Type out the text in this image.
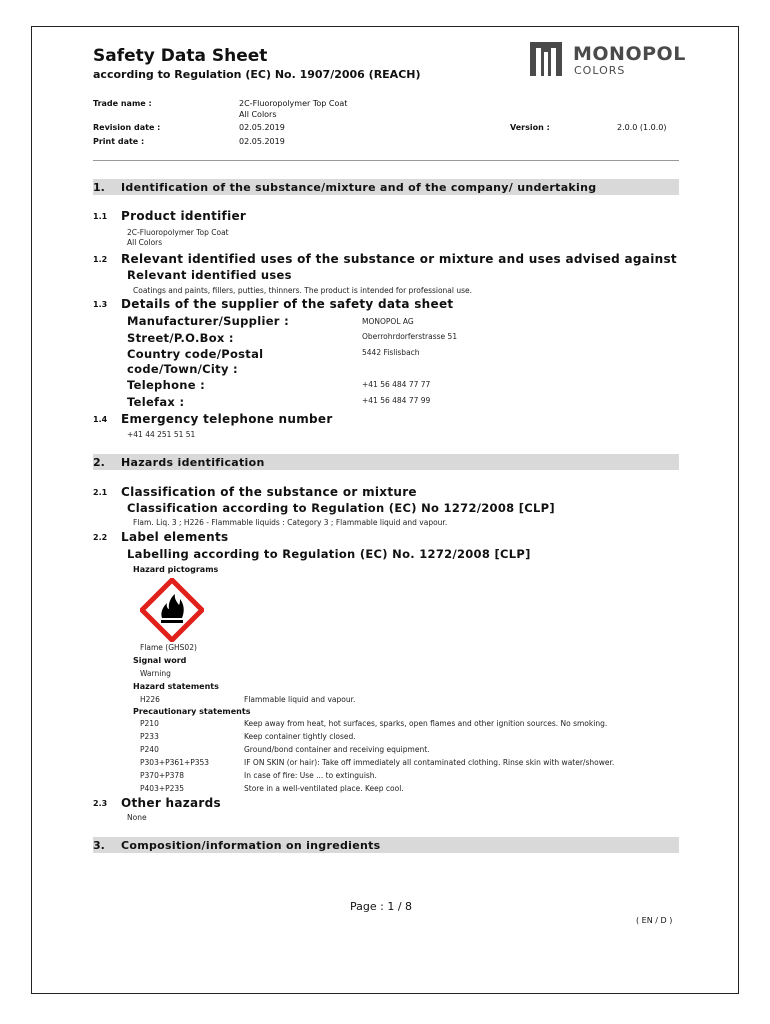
Safety Data Sheet
according to Regulation (EC) No. 1907/2006 (REACH)
MONOPOL
COLORS
Trade name :	2C-Fluoropolymer Top Coat
All Colors
Revision date :	02.05.2019	Version :	2.0.0 (1.0.0)
Print date :	02.05.2019
1. Identification of the substance/mixture and of the company/ undertaking
1.1 Product identifier
2C-Fluoropolymer Top Coat
All Colors
1.2 Relevant identified uses of the substance or mixture and uses advised against
Relevant identified uses
Coatings and paints, fillers, putties, thinners. The product is intended for professional use.
1.3 Details of the supplier of the safety data sheet
Manufacturer/Supplier :	MONOPOL AG
Street/P.O.Box :	Oberrohrdorferstrasse 51
Country code/Postal
code/Town/City :
5442 Fislisbach
Telephone :	+41 56 484 77 77
Telefax :	+41 56 484 77 99
1.4 Emergency telephone number
+41 44 251 51 51
2. Hazards identification
2.1 Classification of the substance or mixture
Classification according to Regulation (EC) No 1272/2008 [CLP]
Flam. Liq. 3 ; H226 - Flammable liquids : Category 3 ; Flammable liquid and vapour.
2.2 Label elements
Labelling according to Regulation (EC) No. 1272/2008 [CLP]
Hazard pictograms
Flame (GHS02)
Signal word
Warning
Hazard statements
H226	Flammable liquid and vapour.
Precautionary statements
P210	Keep away from heat, hot surfaces, sparks, open flames and other ignition sources. No smoking.
P233	Keep container tightly closed.
P240	Ground/bond container and receiving equipment.
P303+P361+P353	IF ON SKIN (or hair): Take off immediately all contaminated clothing. Rinse skin with water/shower.
P370+P378	In case of fire: Use ... to extinguish.
P403+P235	Store in a well-ventilated place. Keep cool.
2.3 Other hazards
None
3. Composition/information on ingredients
Page : 1 / 8
( EN / D )
